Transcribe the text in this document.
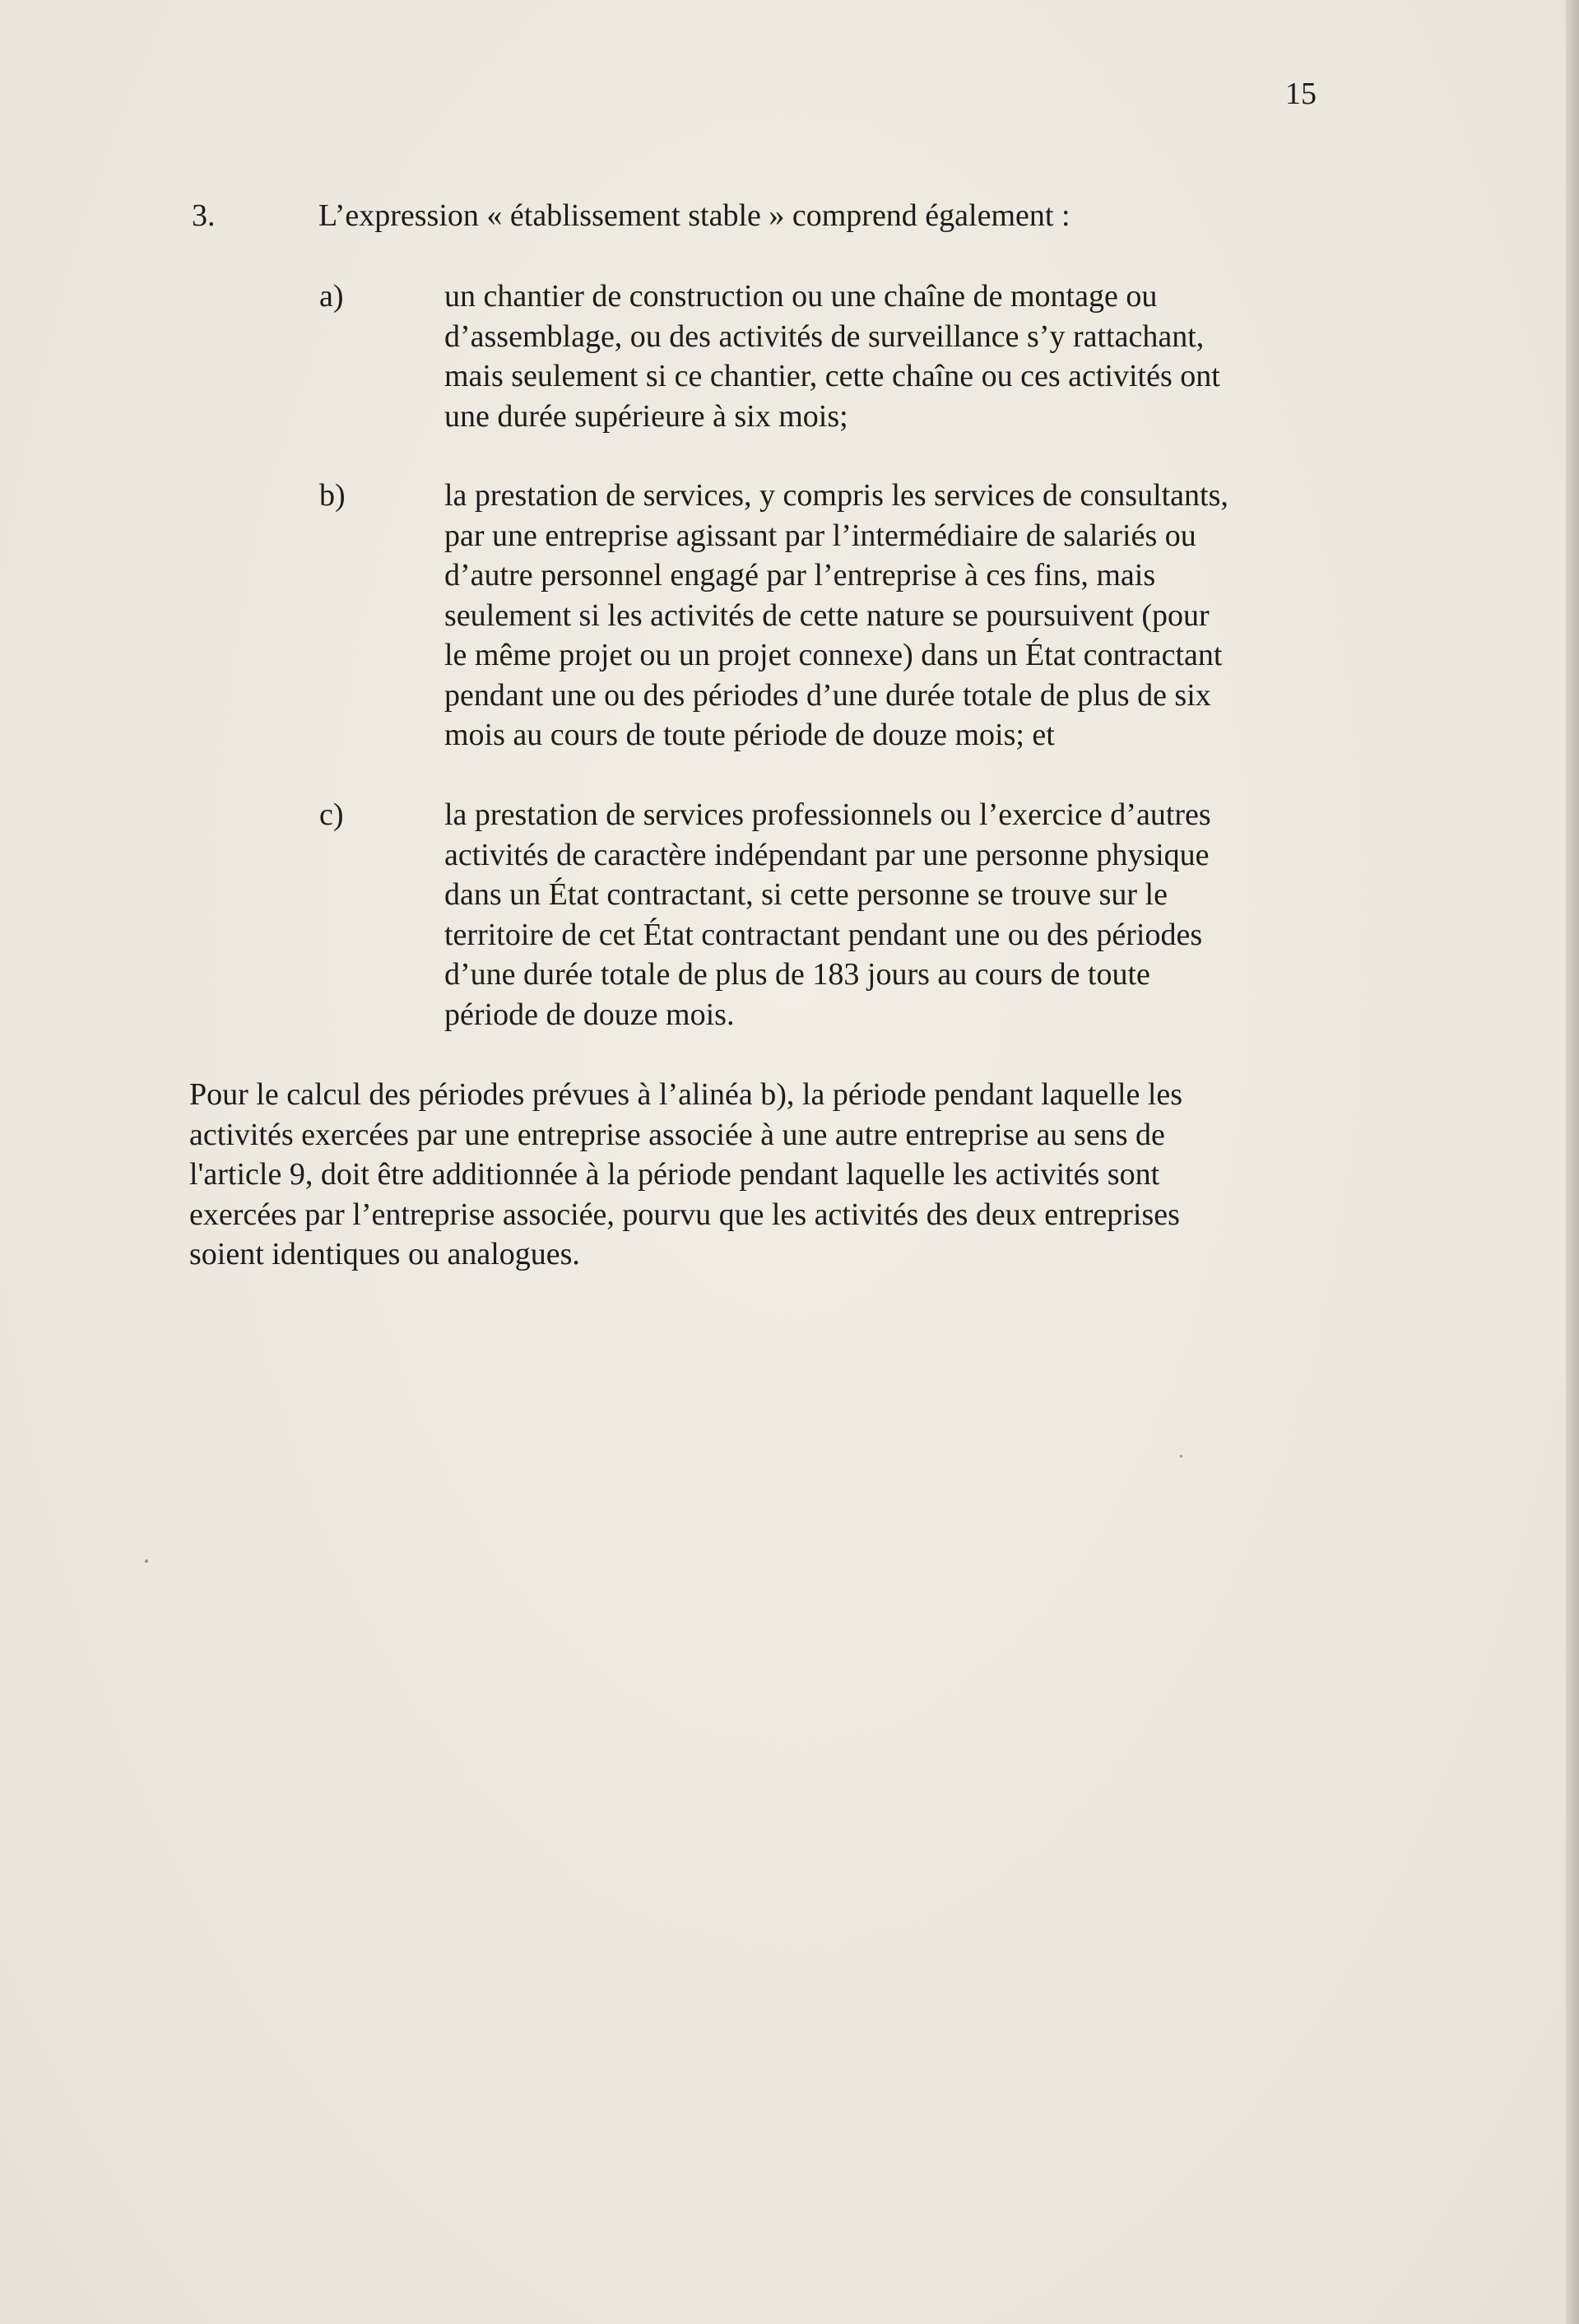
15
3.	L’expression « établissement stable » comprend également :
a)	un chantier de construction ou une chaîne de montage ou
d’assemblage, ou des activités de surveillance s’y rattachant,
mais seulement si ce chantier, cette chaîne ou ces activités ont
une durée supérieure à six mois;
b)	la prestation de services, y compris les services de consultants,
par une entreprise agissant par l’intermédiaire de salariés ou
d’autre personnel engagé par l’entreprise à ces fins, mais
seulement si les activités de cette nature se poursuivent (pour
le même projet ou un projet connexe) dans un État contractant
pendant une ou des périodes d’une durée totale de plus de six
mois au cours de toute période de douze mois; et
c)	la prestation de services professionnels ou l’exercice d’autres
activités de caractère indépendant par une personne physique
dans un État contractant, si cette personne se trouve sur le
territoire de cet État contractant pendant une ou des périodes
d’une durée totale de plus de 183 jours au cours de toute
période de douze mois.
Pour le calcul des périodes prévues à l’alinéa b), la période pendant laquelle les
activités exercées par une entreprise associée à une autre entreprise au sens de
l'article 9, doit être additionnée à la période pendant laquelle les activités sont
exercées par l’entreprise associée, pourvu que les activités des deux entreprises
soient identiques ou analogues.
